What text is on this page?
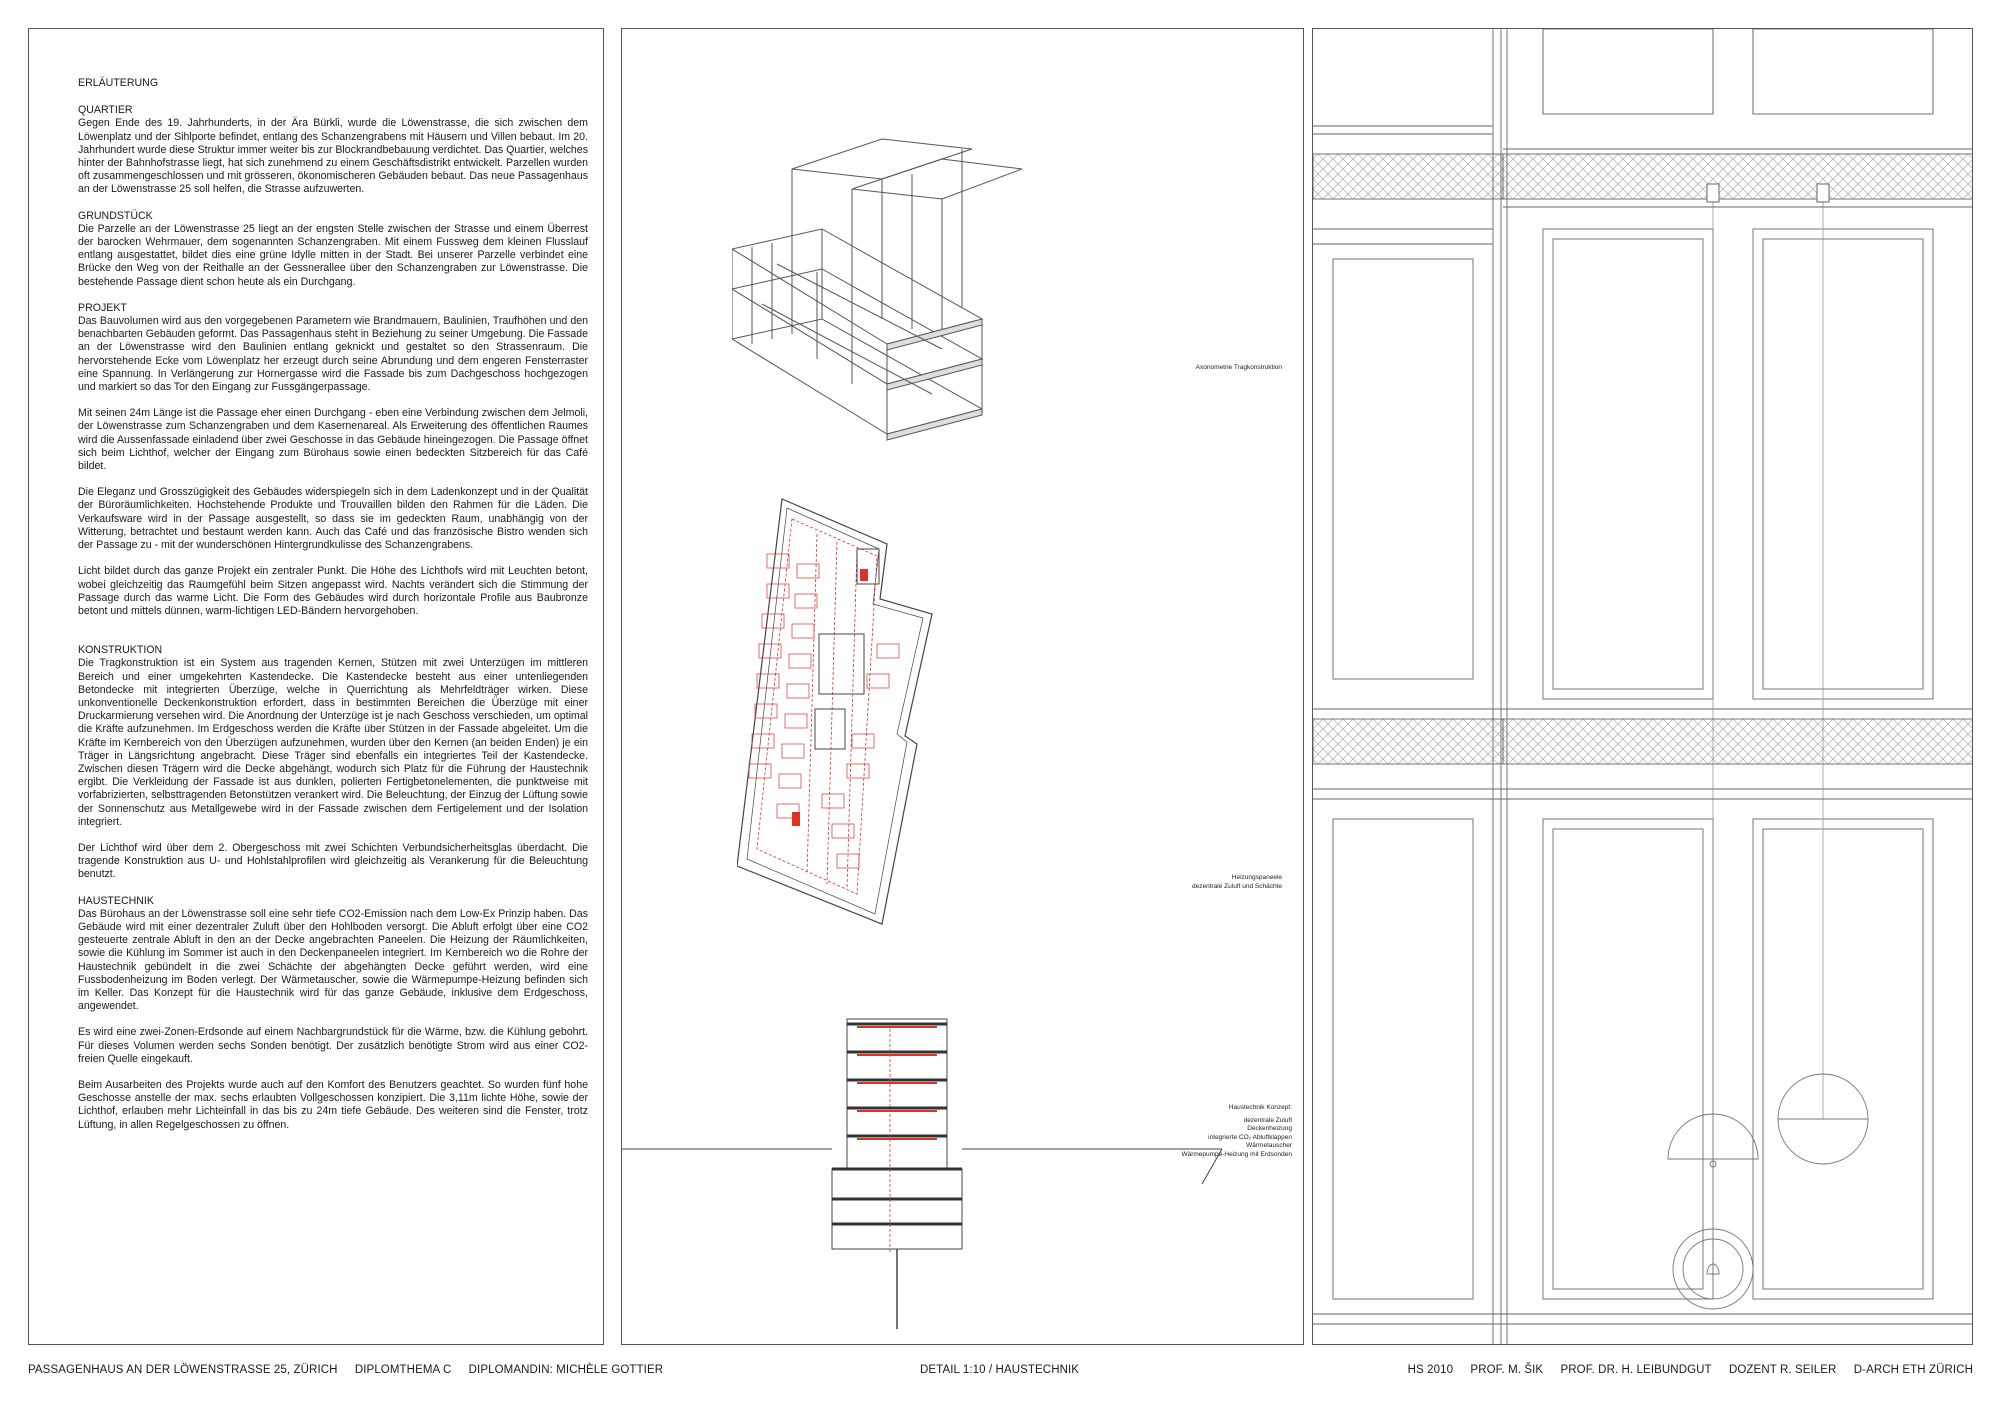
ERLÄUTERUNG
QUARTIER

Gegen Ende des 19. Jahrhunderts, in der Ära Bürkli, wurde die Löwenstrasse, die sich zwischen dem Löwenplatz und der Sihlporte befindet, entlang des Schanzengrabens mit Häusern und Villen bebaut. Im 20. Jahrhundert wurde diese Struktur immer weiter bis zur Blockrandbebauung verdichtet. Das Quartier, welches hinter der Bahnhofstrasse liegt, hat sich zunehmend zu einem Geschäftsdistrikt entwickelt. Parzellen wurden oft zusammengeschlossen und mit grösseren, ökonomischeren Gebäuden bebaut. Das neue Passagenhaus an der Löwenstrasse 25 soll helfen, die Strasse aufzuwerten.

GRUNDSTÜCK

Die Parzelle an der Löwenstrasse 25 liegt an der engsten Stelle zwischen der Strasse und einem Überrest der barocken Wehrmauer, dem sogenannten Schanzengraben. Mit einem Fussweg dem kleinen Flusslauf entlang ausgestattet, bildet dies eine grüne Idylle mitten in der Stadt. Bei unserer Parzelle verbindet eine Brücke den Weg von der Reithalle an der Gessnerallee über den Schanzengraben zur Löwenstrasse. Die bestehende Passage dient schon heute als ein Durchgang.

PROJEKT

Das Bauvolumen wird aus den vorgegebenen Parametern wie Brandmauern, Baulinien, Traufhöhen und den benachbarten Gebäuden geformt. Das Passagenhaus steht in Beziehung zu seiner Umgebung. Die Fassade an der Löwenstrasse wird den Baulinien entlang geknickt und gestaltet so den Strassenraum. Die hervorstehende Ecke vom Löwenplatz her erzeugt durch seine Abrundung und dem engeren Fensterraster eine Spannung. In Verlängerung zur Hornergasse wird die Fassade bis zum Dachgeschoss hochgezogen und markiert so das Tor den Eingang zur Fussgängerpassage.

Mit seinen 24m Länge ist die Passage eher einen Durchgang - eben eine Verbindung zwischen dem Jelmoli, der Löwenstrasse zum Schanzengraben und dem Kasernenareal. Als Erweiterung des öffentlichen Raumes wird die Aussenfassade einladend über zwei Geschosse in das Gebäude hineingezogen. Die Passage öffnet sich beim Lichthof, welcher der Eingang zum Bürohaus sowie einen bedeckten Sitzbereich für das Café bildet.

Die Eleganz und Grosszügigkeit des Gebäudes widerspiegeln sich in dem Ladenkonzept und in der Qualität der Büroräumlichkeiten. Hochstehende Produkte und Trouvaillen bilden den Rahmen für die Läden. Die Verkaufsware wird in der Passage ausgestellt, so dass sie im gedeckten Raum, unabhängig von der Witterung, betrachtet und bestaunt werden kann. Auch das Café und das französische Bistro wenden sich der Passage zu - mit der wunderschönen Hintergrundkulisse des Schanzengrabens.

Licht bildet durch das ganze Projekt ein zentraler Punkt. Die Höhe des Lichthofs wird mit Leuchten betont, wobei gleichzeitig das Raumgefühl beim Sitzen angepasst wird. Nachts verändert sich die Stimmung der Passage durch das warme Licht. Die Form des Gebäudes wird durch horizontale Profile aus Baubronze betont und mittels dünnen, warm-lichtigen LED-Bändern hervorgehoben.

KONSTRUKTION

Die Tragkonstruktion ist ein System aus tragenden Kernen, Stützen mit zwei Unterzügen im mittleren Bereich und einer umgekehrten Kastendecke. Die Kastendecke besteht aus einer untenliegenden Betondecke mit integrierten Überzüge, welche in Querrichtung als Mehrfeldträger wirken. Diese unkonventionelle Deckenkonstruktion erfordert, dass in bestimmten Bereichen die Überzüge mit einer Druckarmierung versehen wird. Die Anordnung der Unterzüge ist je nach Geschoss verschieden, um optimal die Kräfte aufzunehmen. Im Erdgeschoss werden die Kräfte über Stützen in der Fassade abgeleitet. Um die Kräfte im Kernbereich von den Überzügen aufzunehmen, wurden über den Kernen (an beiden Enden) je ein Träger in Längsrichtung angebracht. Diese Träger sind ebenfalls ein integriertes Teil der Kastendecke. Zwischen diesen Trägern wird die Decke abgehängt, wodurch sich Platz für die Führung der Haustechnik ergibt. Die Verkleidung der Fassade ist aus dunklen, polierten Fertigbetonelementen, die punktweise mit vorfabrizierten, selbsttragenden Betonstützen verankert wird. Die Beleuchtung, der Einzug der Lüftung sowie der Sonnenschutz aus Metallgewebe wird in der Fassade zwischen dem Fertigelement und der Isolation integriert.

Der Lichthof wird über dem 2. Obergeschoss mit zwei Schichten Verbundsicherheitsglas überdacht. Die tragende Konstruktion aus U- und Hohlstahlprofilen wird gleichzeitig als Verankerung für die Beleuchtung benutzt.

HAUSTECHNIK

Das Bürohaus an der Löwenstrasse soll eine sehr tiefe CO2-Emission nach dem Low-Ex Prinzip haben. Das Gebäude wird mit einer dezentraler Zuluft über den Hohlboden versorgt. Die Abluft erfolgt über eine CO2 gesteuerte zentrale Abluft in den an der Decke angebrachten Paneelen. Die Heizung der Räumlichkeiten, sowie die Kühlung im Sommer ist auch in den Deckenpaneelen integriert. Im Kernbereich wo die Rohre der Haustechnik gebündelt in die zwei Schächte der abgehängten Decke geführt werden, wird eine Fussbodenheizung im Boden verlegt. Der Wärmetauscher, sowie die Wärmepumpe-Heizung befinden sich im Keller. Das Konzept für die Haustechnik wird für das ganze Gebäude, inklusive dem Erdgeschoss, angewendet.

Es wird eine zwei-Zonen-Erdsonde auf einem Nachbargrundstück für die Wärme, bzw. die Kühlung gebohrt. Für dieses Volumen werden sechs Sonden benötigt. Der zusätzlich benötigte Strom wird aus einer CO2-freien Quelle eingekauft.

Beim Ausarbeiten des Projekts wurde auch auf den Komfort des Benutzers geachtet. So wurden fünf hohe Geschosse anstelle der max. sechs erlaubten Vollgeschossen konzipiert. Die 3,11m lichte Höhe, sowie der Lichthof, erlauben mehr Lichteinfall in das bis zu 24m tiefe Gebäude. Des weiteren sind die Fenster, trotz Lüftung, in allen Regelgeschossen zu öffnen.

Axonometrie Tragkonstruktion
Heizungspaneele
dezentrale Zuluft und Schächte
Haustechnik Konzept:
dezentrale Zuluft
Deckenheizung
integrierte CO₂ Abluftklappen
Wärmetauscher
Wärmepumpe-Heizung mit Erdsonden
PASSAGENHAUS AN DER LÖWENSTRASSE 25, ZÜRICH DIPLOMTHEMA C DIPLOMANDIN: MICHÈLE GOTTIER	DETAIL 1:10 / HAUSTECHNIK	HS 2010 PROF. M. ŠIK PROF. DR. H. LEIBUNDGUT DOZENT R. SEILER D-ARCH ETH ZÜRICH
